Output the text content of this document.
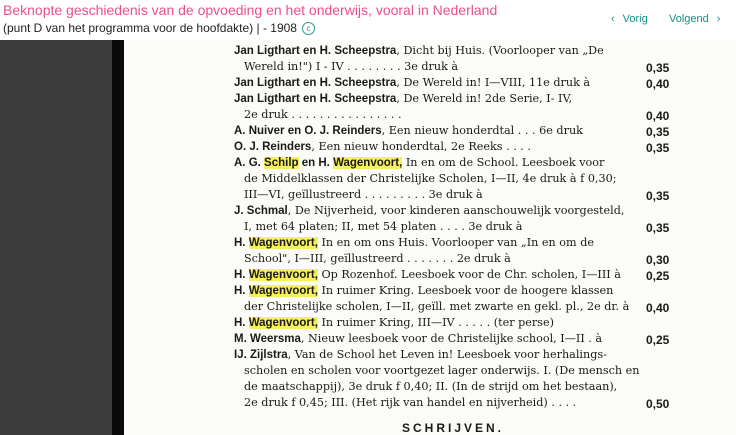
Beknopte geschiedenis van de opvoeding en het onderwijs, vooral in Nederland
(punt D van het programma voor de hoofdakte) |
- 1908	c
‹ Vorig Volgend ›
Jan Ligthart en H. Scheepstra, Dicht bij Huis. (Voorlooper van „De
Wereld in!") I - IV . . . . . . . . 3e druk à
Jan Ligthart en H. Scheepstra, De Wereld in! I—VIII, 11e druk à
Jan Ligthart en H. Scheepstra, De Wereld in! 2de Serie, I- IV,
2e druk . . . . . . . . . . . . . . . .
A. Nuiver en O. J. Reinders, Een nieuw honderdtal . . . 6e druk
O. J. Reinders, Een nieuw honderdtal, 2e Reeks . . . .
A. G. Schilp en H. Wagenvoort, In en om de School. Leesboek voor
de Middelklassen der Christelijke Scholen, I—II, 4e druk à f 0,30;
III—VI, geïllustreerd . . . . . . . . . 3e druk à
J. Schmal, De Nijverheid, voor kinderen aanschouwelijk voorgesteld,
I, met 64 platen; II, met 54 platen . . . . 3e druk à
H. Wagenvoort, In en om ons Huis. Voorlooper van „In en om de
School", I—III, geïllustreerd . . . . . . . 2e druk à
H. Wagenvoort, Op Rozenhof. Leesboek voor de Chr. scholen, I—III à
H. Wagenvoort, In ruimer Kring. Leesboek voor de hoogere klassen
der Christelijke scholen, I—II, geïll. met zwarte en gekl. pl., 2e dr. à
H. Wagenvoort, In ruimer Kring, III—IV . . . . . (ter perse)
M. Weersma, Nieuw leesboek voor de Christelijke school, I—II . à
IJ. Zijlstra, Van de School het Leven in! Leesboek voor herhalings-
scholen en scholen voor voortgezet lager onderwijs. I. (De mensch en
de maatschappij), 3e druk f 0,40; II. (In de strijd om het bestaan),
2e druk f 0,45; III. (Het rijk van handel en nijverheid) . . . .
0,35
0,40
0,40
0,35
0,35
0,35
0,35
0,30
0,25
0,40
0,25
0,50
SCHRIJVEN.
